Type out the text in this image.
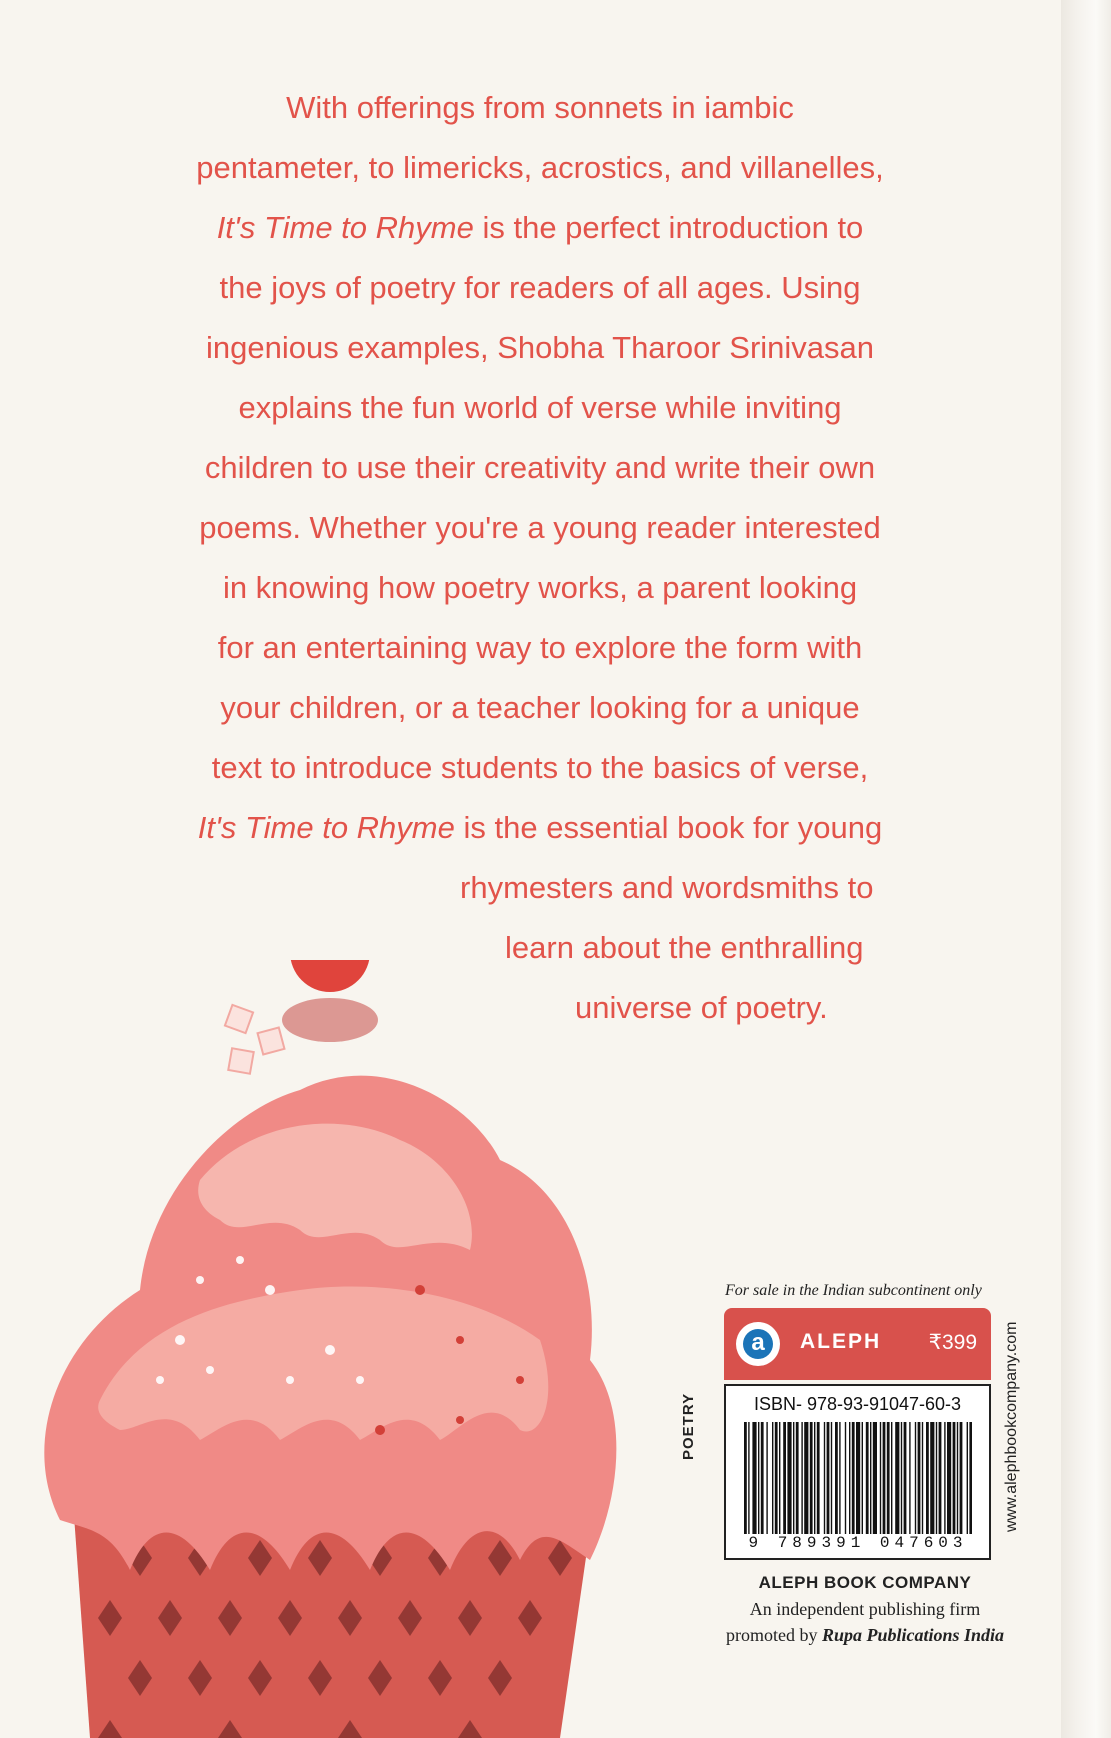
With offerings from sonnets in iambic
pentameter, to limericks, acrostics, and villanelles,
It's Time to Rhyme is the perfect introduction to
the joys of poetry for readers of all ages. Using
ingenious examples, Shobha Tharoor Srinivasan
explains the fun world of verse while inviting
children to use their creativity and write their own
poems. Whether you're a young reader interested
in knowing how poetry works, a parent looking
for an entertaining way to explore the form with
your children, or a teacher looking for a unique
text to introduce students to the basics of verse,
It's Time to Rhyme is the essential book for young
rhymesters and wordsmiths to
learn about the enthralling
universe of poetry.
For sale in the Indian subcontinent only
a	ALEPH ₹399
ISBN- 978-93-91047-60-3
9 789391 047603
POETRY	www.alephbookcompany.com
ALEPH BOOK COMPANY
An independent publishing firm
promoted by Rupa Publications India
